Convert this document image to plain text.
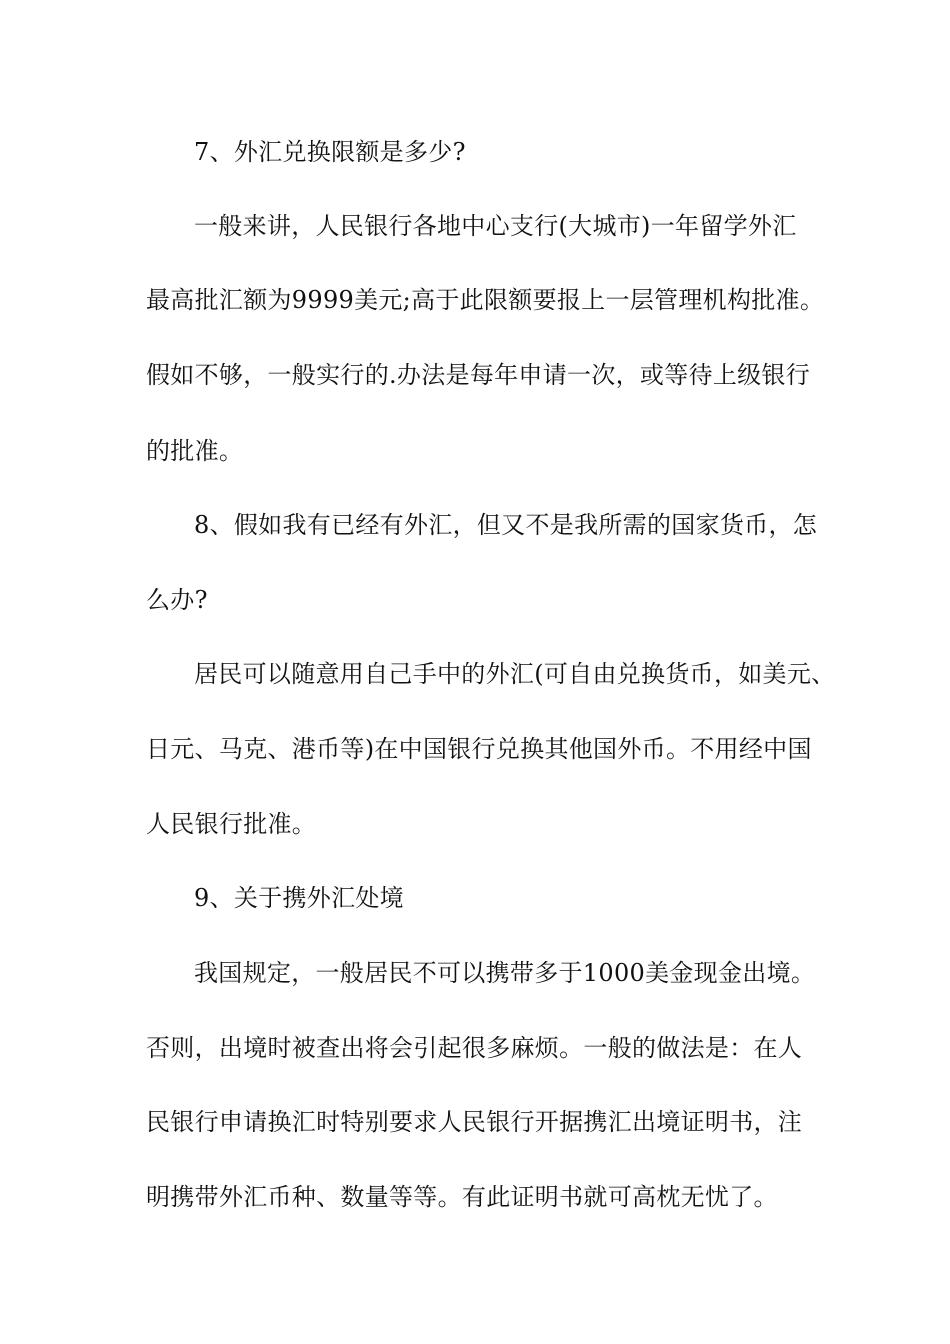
7、外汇兑换限额是多少?
一般来讲，人民银行各地中心支行(大城市)一年留学外汇
最高批汇额为9999美元;高于此限额要报上一层管理机构批准。
假如不够，一般实行的.办法是每年申请一次，或等待上级银行
的批准。
8、假如我有已经有外汇，但又不是我所需的国家货币，怎
么办?
居民可以随意用自己手中的外汇(可自由兑换货币，如美元、
日元、马克、港币等)在中国银行兑换其他国外币。不用经中国
人民银行批准。
9、关于携外汇处境
我国规定，一般居民不可以携带多于1000美金现金出境。
否则，出境时被查出将会引起很多麻烦。一般的做法是：在人
民银行申请换汇时特别要求人民银行开据携汇出境证明书，注
明携带外汇币种、数量等等。有此证明书就可高枕无忧了。
